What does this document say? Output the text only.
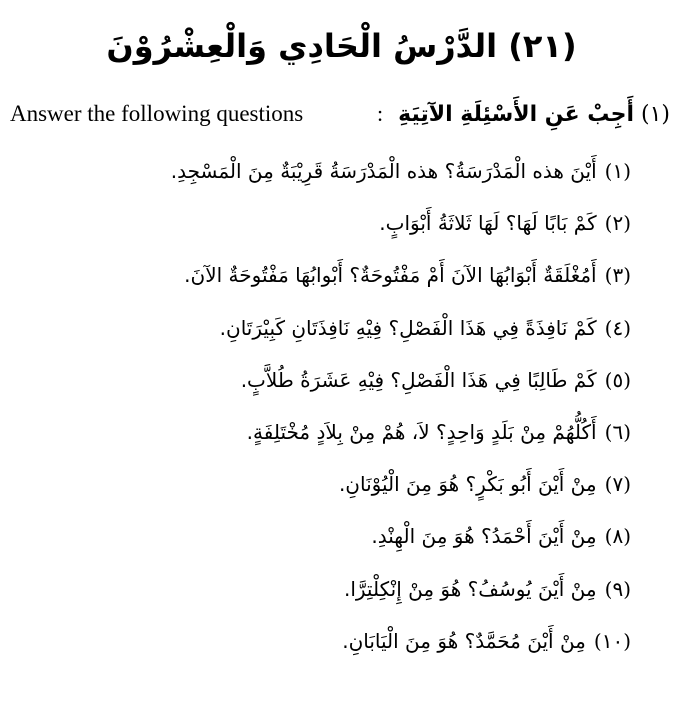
(٢١) الدَّرْسُ الْحَادِي وَالْعِشْرُوْنَ
Answer the following questions	(١) أَجِبْ عَنِ الأَسْئِلَةِ الآتِيَةِ :
(١)أَيْنَ هذه الْمَدْرَسَةُ؟ هذه الْمَدْرَسَةُ قَرِيْبَةٌ مِنَ الْمَسْجِدِ.
(٢)كَمْ بَابًا لَهَا؟ لَهَا ثَلاثَةُ أَبْوَابٍ.
(٣)أَمُغْلَقَةٌ أَبْوَابُهَا الآنَ أَمْ مَفْتُوحَةٌ؟ أَبْوابُهَا مَفْتُوحَةٌ الآنَ.
(٤)كَمْ نَافِذَةً فِي هَذَا الْفَصْلِ؟ فِيْهِ نَافِذَتَانِ كَبِيْرَتَانِ.
(٥)كَمْ طَالِبًا فِي هَذَا الْفَصْلِ؟ فِيْهِ عَشَرَةُ طُلاَّبٍ.
(٦)أَكُلُّهُمْ مِنْ بَلَدٍ وَاحِدٍ؟ لاَ، هُمْ مِنْ بِلاَدٍ مُخْتَلِفَةٍ.
(٧)مِنْ أَيْنَ أَبُو بَكْرٍ؟ هُوَ مِنَ الْيُوْنَانِ.
(٨)مِنْ أَيْنَ أَحْمَدُ؟ هُوَ مِنَ الْهِنْدِ.
(٩)مِنْ أَيْنَ يُوسُفُ؟ هُوَ مِنْ إِنْكِلْتِرَّا.
(١٠)مِنْ أَيْنَ مُحَمَّدٌ؟ هُوَ مِنَ الْيَابَانِ.
